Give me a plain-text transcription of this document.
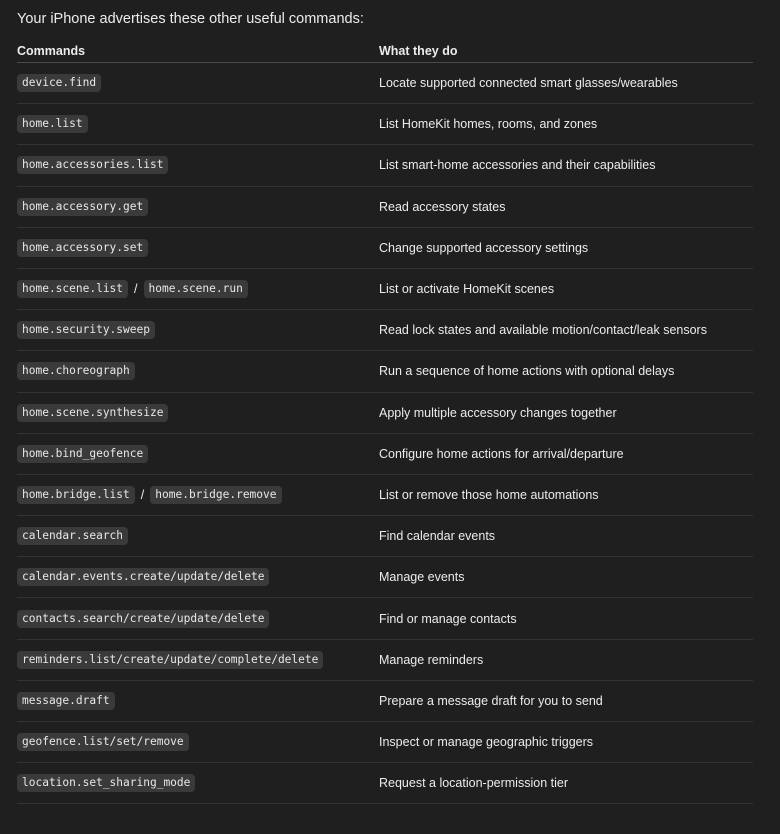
Your iPhone advertises these other useful commands:
Commands	What they do
device.find	Locate supported connected smart glasses/wearables
home.list	List HomeKit homes, rooms, and zones
home.accessories.list	List smart-home accessories and their capabilities
home.accessory.get	Read accessory states
home.accessory.set	Change supported accessory settings
home.scene.list / home.scene.run	List or activate HomeKit scenes
home.security.sweep	Read lock states and available motion/contact/leak sensors
home.choreograph	Run a sequence of home actions with optional delays
home.scene.synthesize	Apply multiple accessory changes together
home.bind_geofence	Configure home actions for arrival/departure
home.bridge.list / home.bridge.remove	List or remove those home automations
calendar.search	Find calendar events
calendar.events.create/update/delete	Manage events
contacts.search/create/update/delete	Find or manage contacts
reminders.list/create/update/complete/delete	Manage reminders
message.draft	Prepare a message draft for you to send
geofence.list/set/remove	Inspect or manage geographic triggers
location.set_sharing_mode	Request a location-permission tier
